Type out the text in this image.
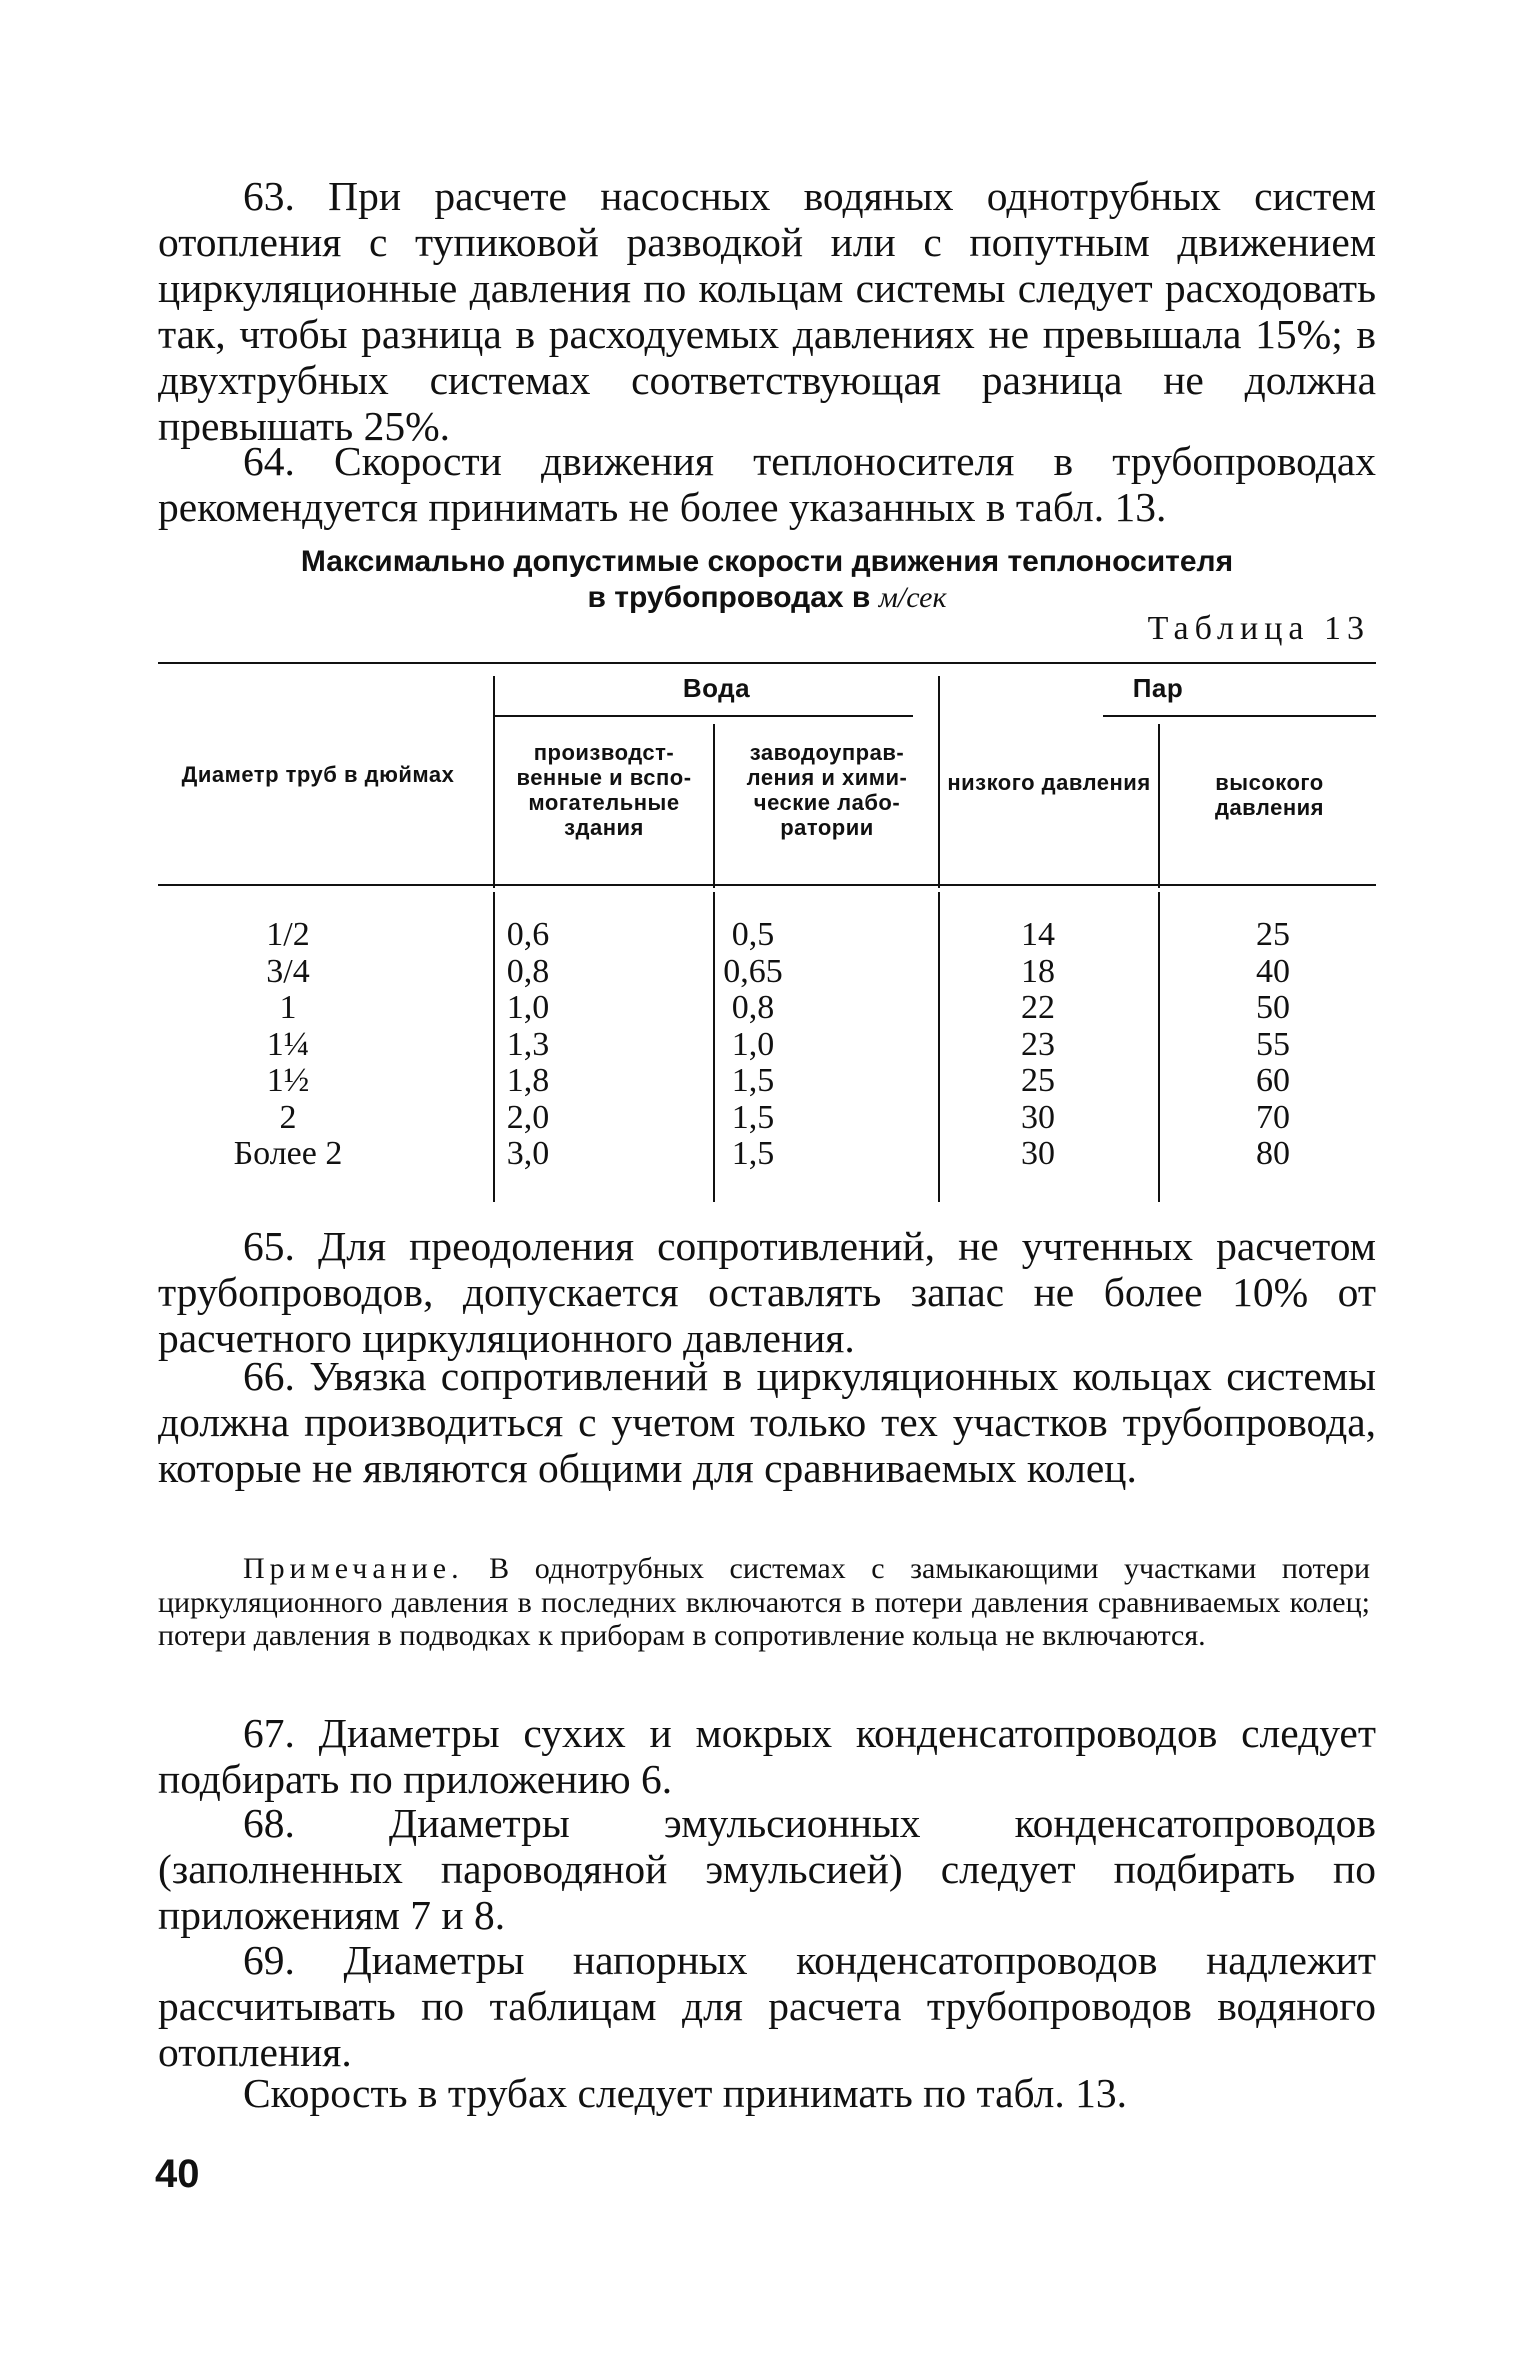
63. При расчете насосных водяных однотрубных систем отопления с тупиковой разводкой или с попутным движением циркуляционные давления по кольцам системы следует расходовать так, чтобы разница в расходуемых давлениях не превышала 15%; в двухтрубных системах соответствующая разница не должна превышать 25%.

64. Скорости движения теплоносителя в трубопроводах рекомендуется принимать не более указанных в табл. 13.

Максимально допустимые скорости движения теплоносителя
в трубопроводах в м/сек

Таблица 13
Диаметр труб в дюймах
Вода	Пар
производст-венные и вспо-могательные здания
заводоуправ-ления и хими-ческие лабо-ратории
низкого давления	высокого давления
1/2
3/4
1
1¼
1½
2
Более 2
0,6
0,8
1,0
1,3
1,8
2,0
3,0
0,5
0,65
0,8
1,0
1,5
1,5
1,5
14
18
22
23
25
30
30
25
40
50
55
60
70
80

65. Для преодоления сопротивлений, не учтенных расчетом трубопроводов, допускается оставлять запас не более 10% от расчетного циркуляционного давления.

66. Увязка сопротивлений в циркуляционных кольцах системы должна производиться с учетом только тех участков трубопровода, которые не являются общими для сравниваемых колец.

Примечание. В однотрубных системах с замыкающими участками потери циркуляционного давления в последних включаются в потери давления сравниваемых колец; потери давления в подводках к приборам в сопротивление кольца не включаются.

67. Диаметры сухих и мокрых конденсатопроводов следует подбирать по приложению 6.

68. Диаметры эмульсионных конденсатопроводов (заполненных пароводяной эмульсией) следует подбирать по приложениям 7 и 8.

69. Диаметры напорных конденсатопроводов надлежит рассчитывать по таблицам для расчета трубопроводов водяного отопления.

Скорость в трубах следует принимать по табл. 13.

40
